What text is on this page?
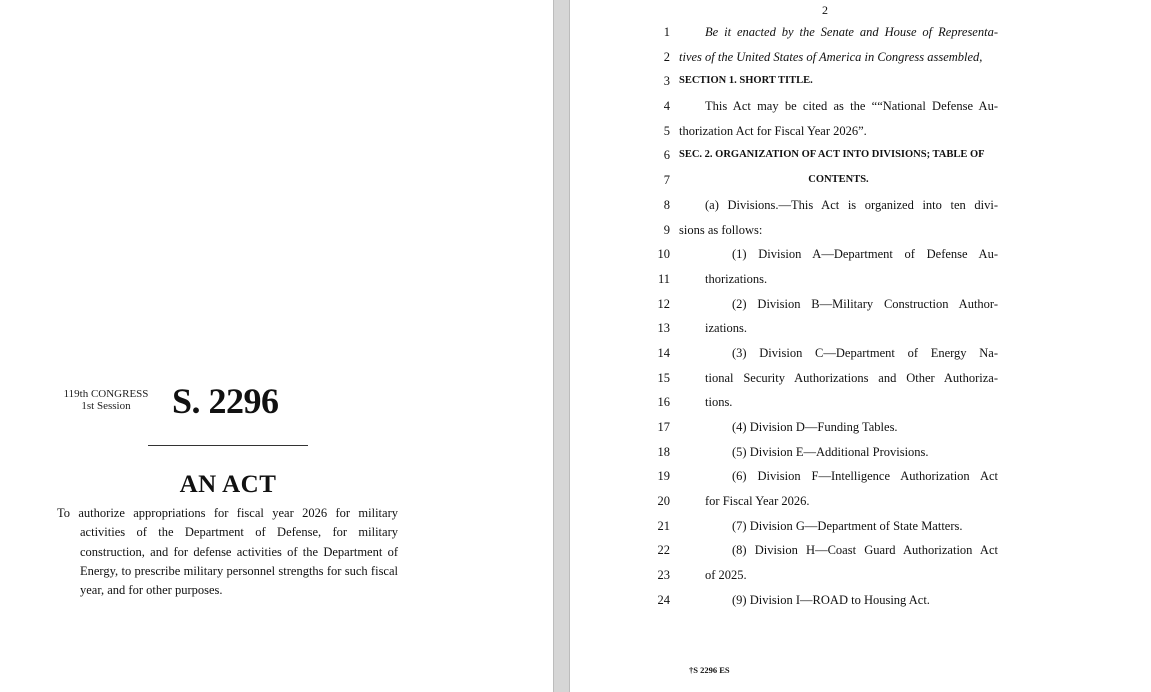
119th CONGRESS
1st Session	S. 2296
AN ACT
To authorize appropriations for fiscal year 2026 for military activities of the Department of Defense, for military construction, and for defense activities of the Department of Energy, to prescribe military personnel strengths for such fiscal year, and for other purposes.
2
1	Be it enacted by the Senate and House of Representa-
2 tives of the United States of America in Congress assembled,
3 SECTION 1. SHORT TITLE.
4	This Act may be cited as the ““National Defense Au-
5 thorization Act for Fiscal Year 2026”.
6 SEC. 2. ORGANIZATION OF ACT INTO DIVISIONS; TABLE OF
7	CONTENTS.
8	(a) Divisions.—This Act is organized into ten divi-
9 sions as follows:
10	(1) Division A—Department of Defense Au-
11	thorizations.
12	(2) Division B—Military Construction Author-
13	izations.
14	(3) Division C—Department of Energy Na-
15	tional Security Authorizations and Other Authoriza-
16	tions.
17	(4) Division D—Funding Tables.
18	(5) Division E—Additional Provisions.
19	(6) Division F—Intelligence Authorization Act
20	for Fiscal Year 2026.
21	(7) Division G—Department of State Matters.
22	(8) Division H—Coast Guard Authorization Act
23	of 2025.
24	(9) Division I—ROAD to Housing Act.
†S 2296 ES
